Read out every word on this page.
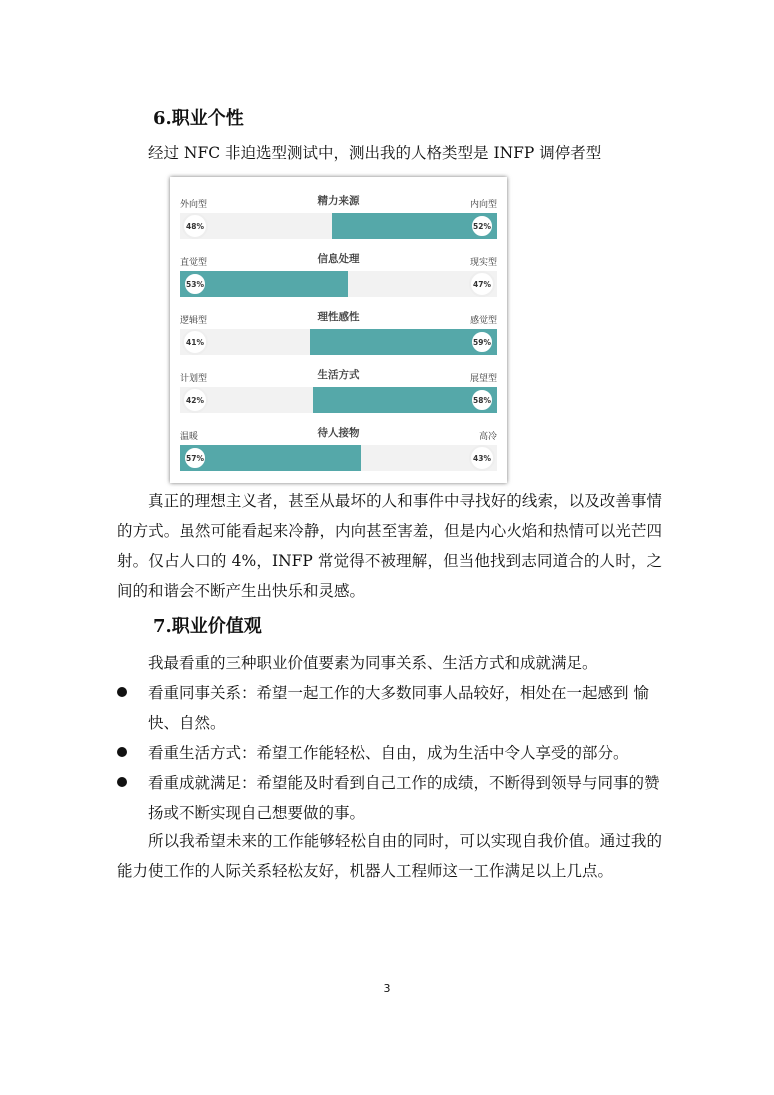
6.职业个性

经过 NFC 非迫选型测试中，测出我的人格类型是 INFP 调停者型

精力来源
外向型	内向型
48%	52%
信息处理
直觉型	现实型
53%	47%
理性感性
逻辑型	感觉型
41%	59%
生活方式
计划型	展望型
42%	58%
待人接物
温暖	高冷
57%	43%

真正的理想主义者，甚至从最坏的人和事件中寻找好的线索，以及改善事情的方式。虽然可能看起来冷静，内向甚至害羞，但是内心火焰和热情可以光芒四射。仅占人口的 4%，INFP 常觉得不被理解，但当他找到志同道合的人时，之间的和谐会不断产生出快乐和灵感。

7.职业价值观

我最看重的三种职业价值要素为同事关系、生活方式和成就满足。

看重同事关系：希望一起工作的大多数同事人品较好，相处在一起感到 愉快、自然。
看重生活方式：希望工作能轻松、自由，成为生活中令人享受的部分。
看重成就满足：希望能及时看到自己工作的成绩，不断得到领导与同事的赞扬或不断实现自己想要做的事。

所以我希望未来的工作能够轻松自由的同时，可以实现自我价值。通过我的能力使工作的人际关系轻松友好，机器人工程师这一工作满足以上几点。

3
